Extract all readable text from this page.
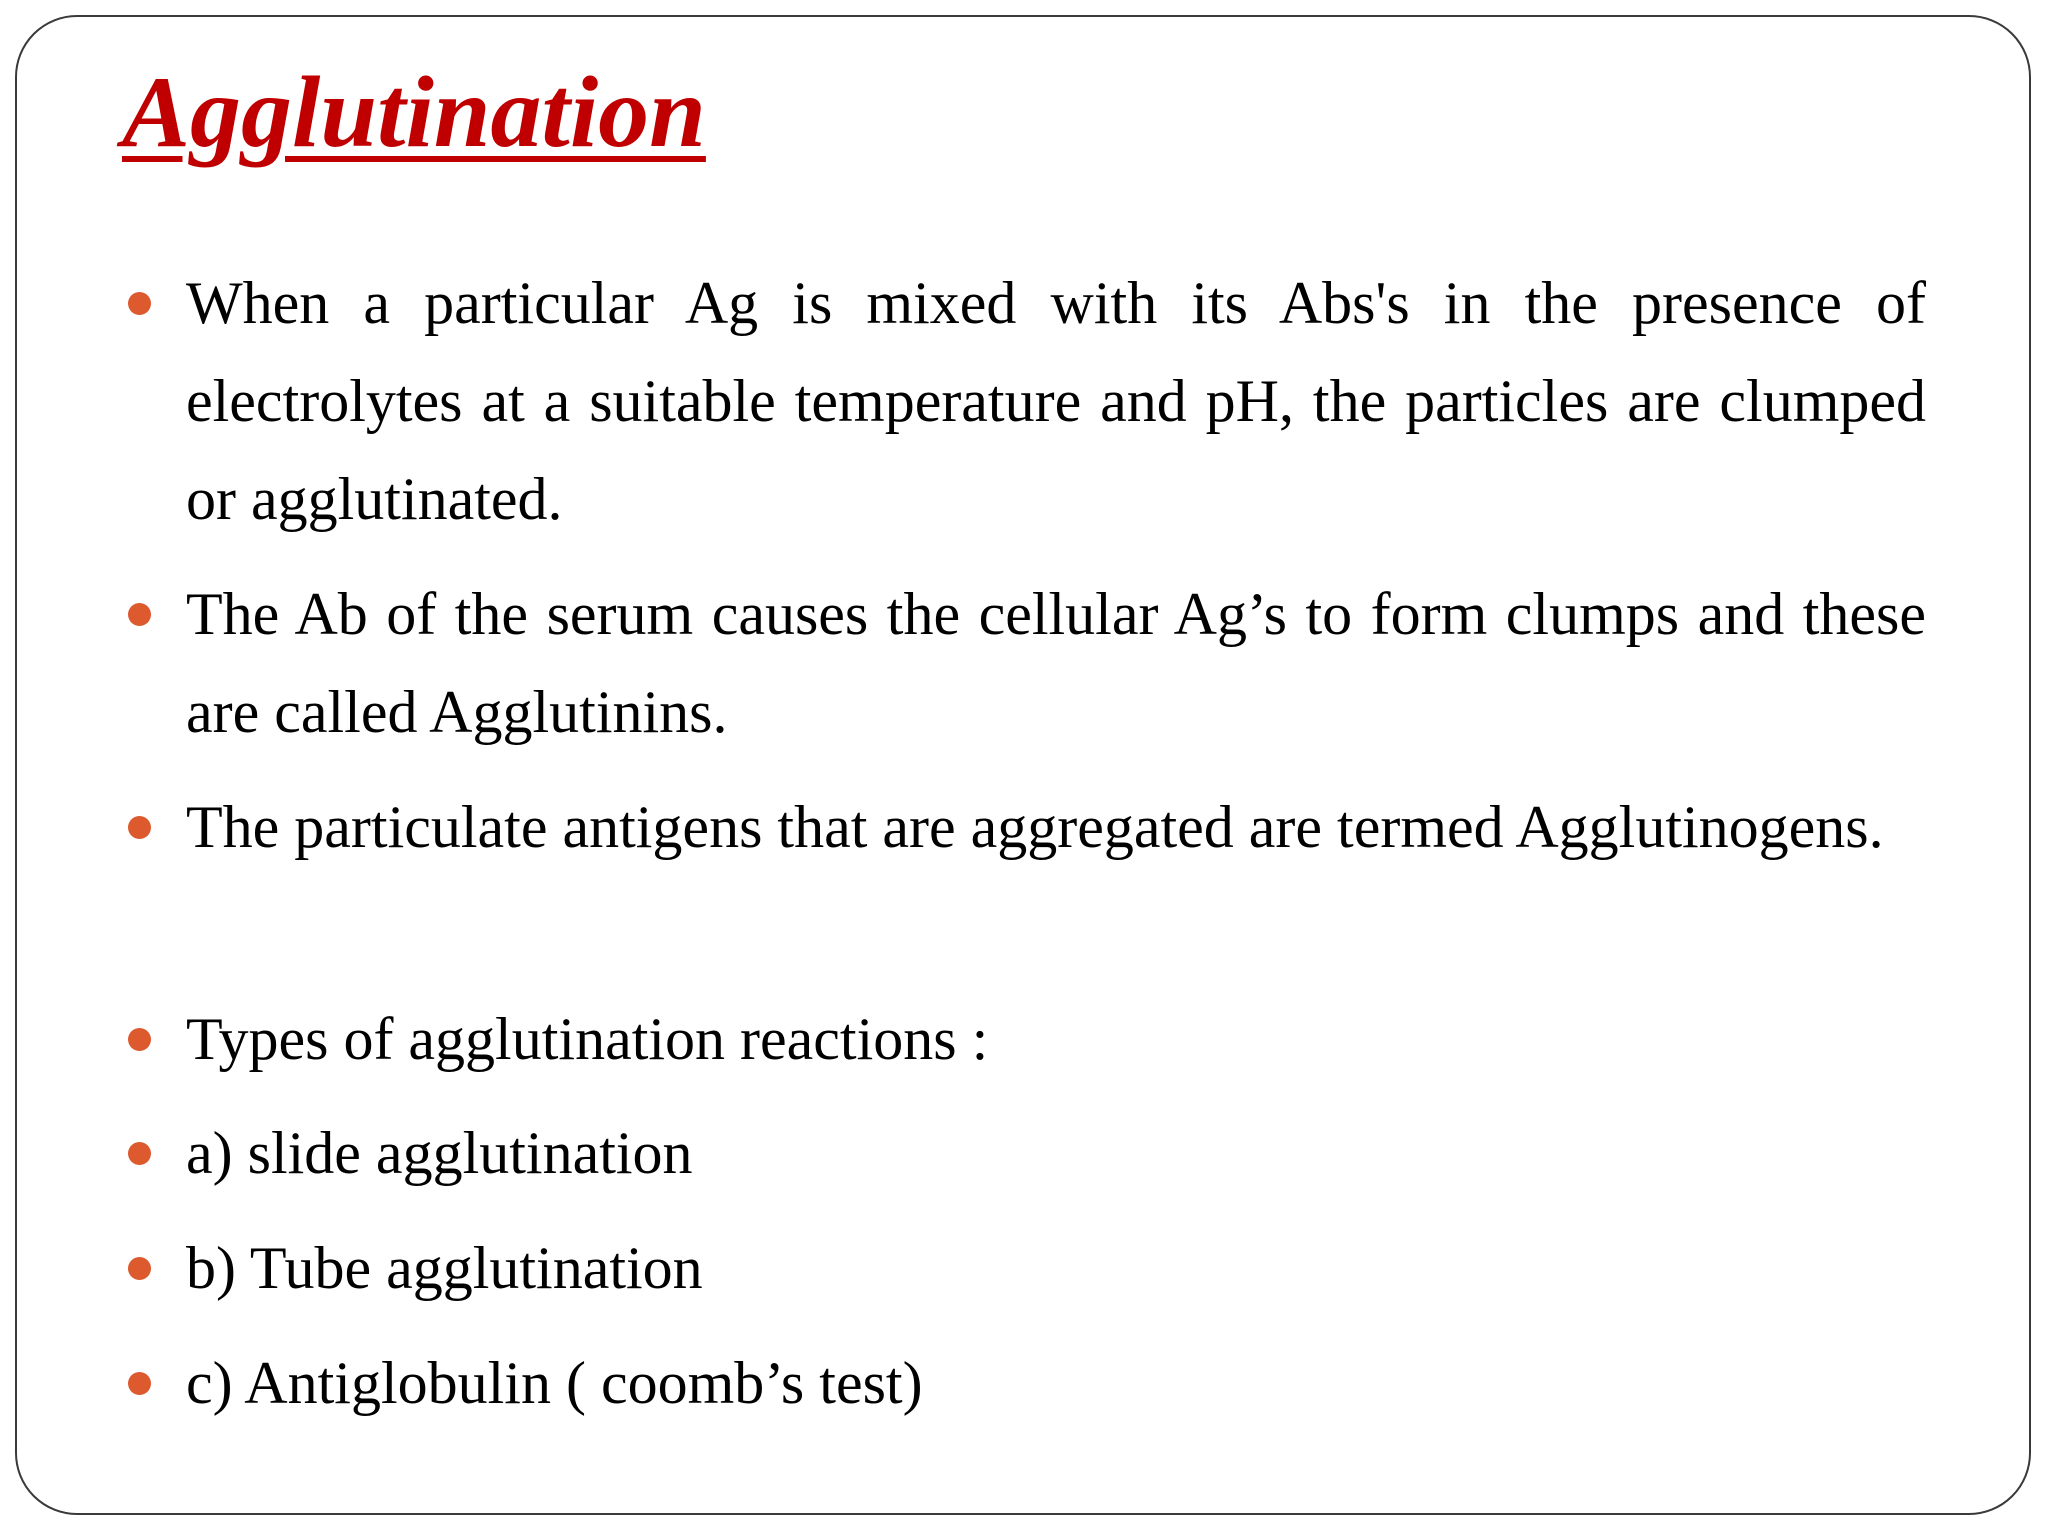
Agglutination

When a particular Ag is mixed with its Abs's in the presence of electrolytes at a suitable temperature and pH, the particles are clumped or agglutinated.

The Ab of the serum causes the cellular Ag’s to form clumps and these are called Agglutinins.

The particulate antigens that are aggregated are termed Agglutinogens.

Types of agglutination reactions :

a) slide agglutination

b) Tube agglutination

c) Antiglobulin ( coomb’s test)
